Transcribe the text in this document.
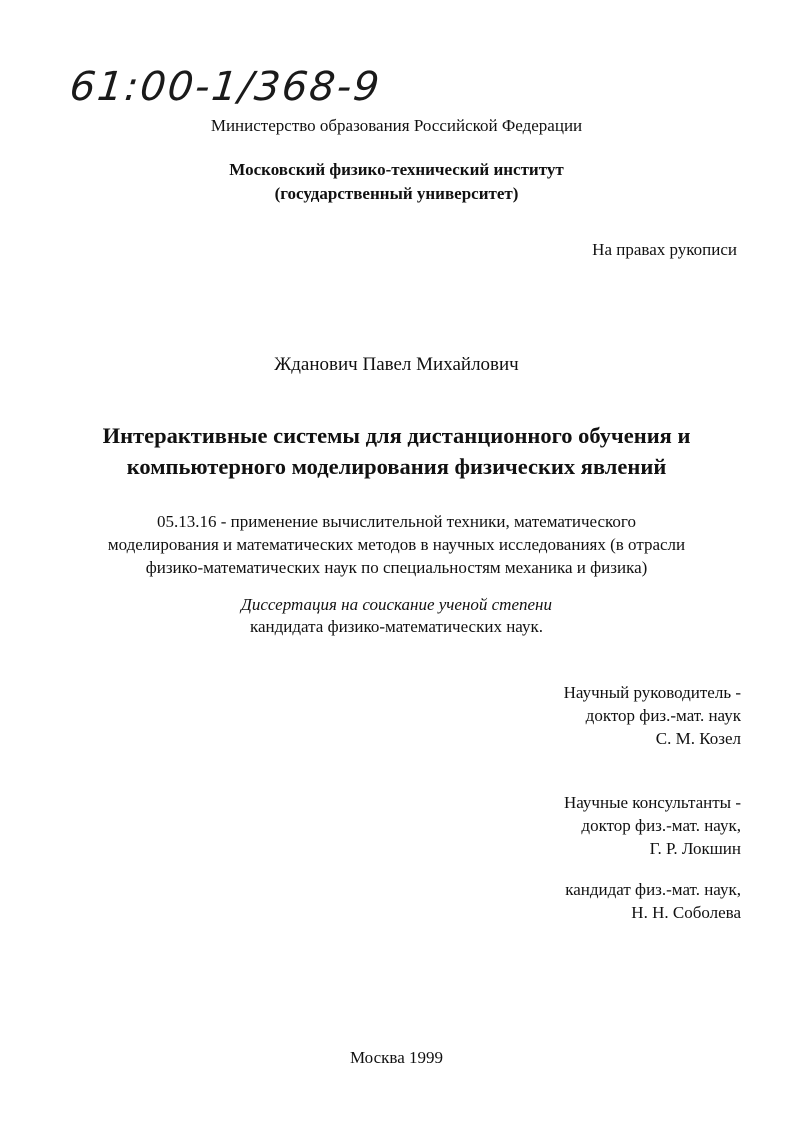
61:00-1/368-9
Министерство образования Российской Федерации
Московский физико-технический институт
(государственный университет)
На правах рукописи
Жданович Павел Михайлович
Интерактивные системы для дистанционного обучения и
компьютерного моделирования физических явлений
05.13.16 - применение вычислительной техники, математического
моделирования и математических методов в научных исследованиях (в отрасли
физико-математических наук по специальностям механика и физика)
Диссертация на соискание ученой степени
кандидата физико-математических наук.
Научный руководитель -
доктор физ.-мат. наук
С. М. Козел
Научные консультанты -
доктор физ.-мат. наук,
Г. Р. Локшин
кандидат физ.-мат. наук,
Н. Н. Соболева
Москва 1999
